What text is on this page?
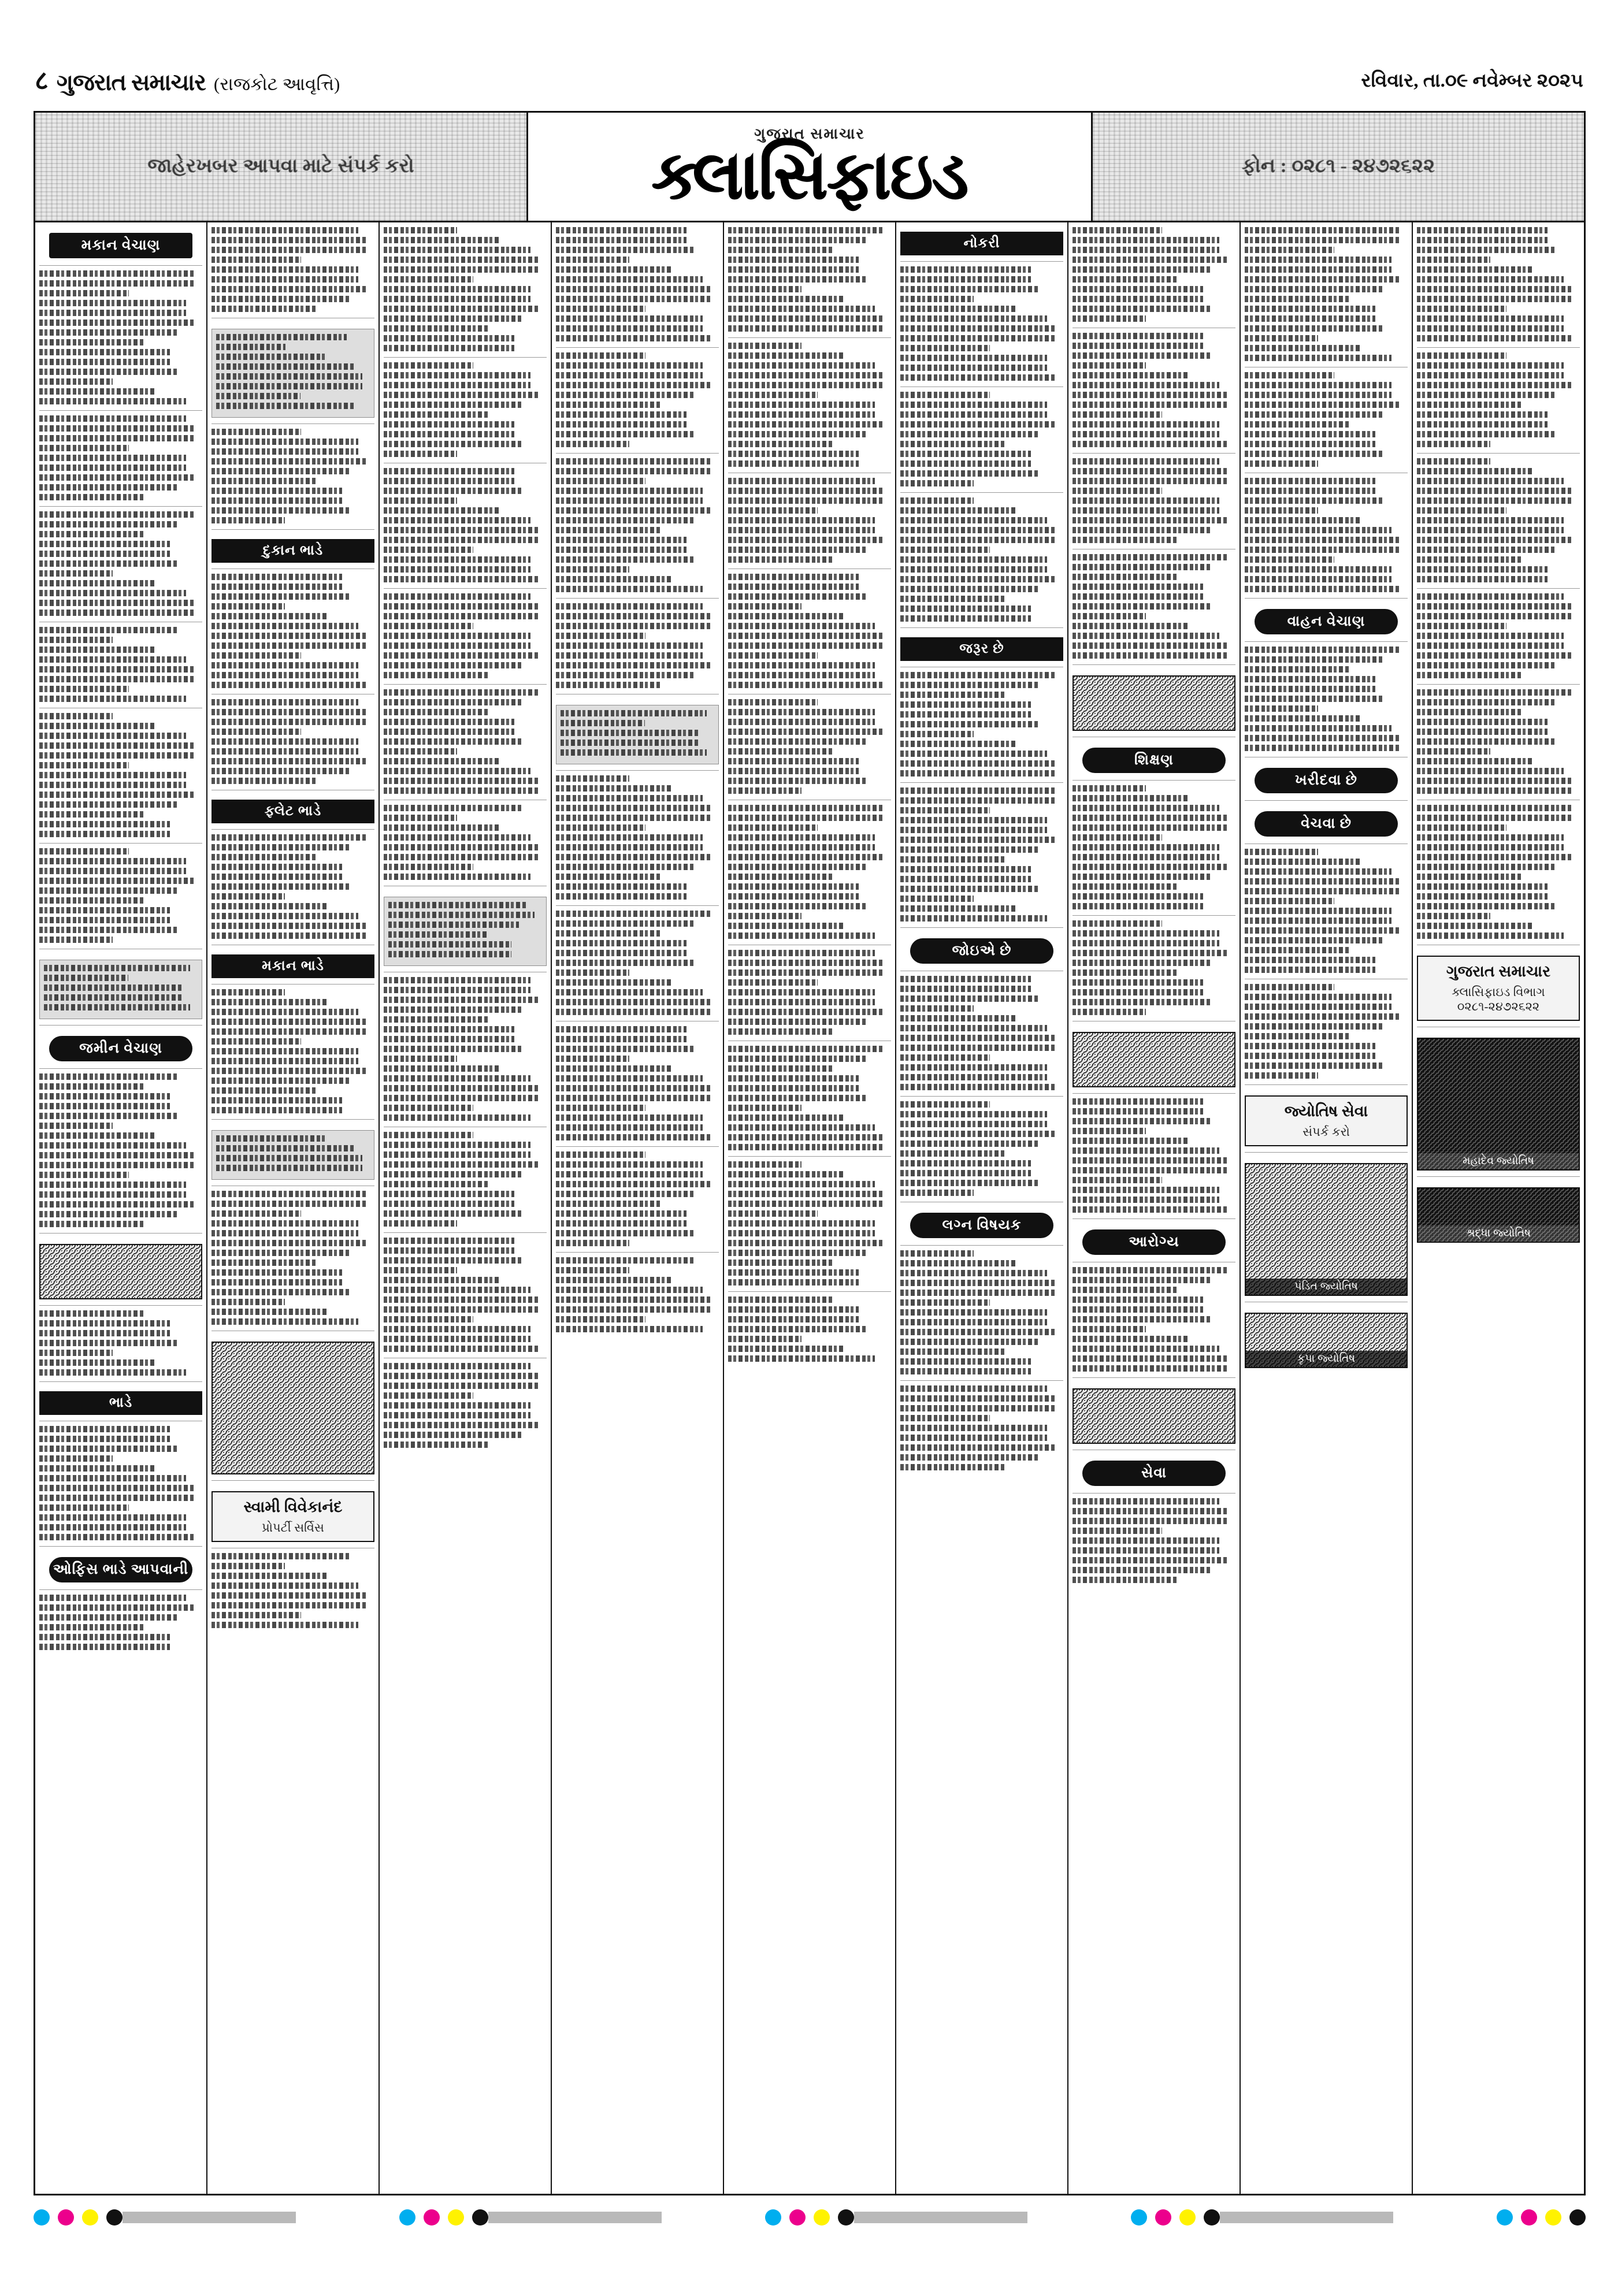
८ ગુજરાત સમાચાર (રાજકોટ આવૃત્તિ)	રવિવાર, તા.૦૯ નવેમ્બર ૨૦૨૫
જાહેરખબર આપવા માટે સંપર્ક કરો
ગુજરાત સમાચાર
ક્લાસિફાઇડ	ફોન : ૦૨૮૧ - ૨૪૭૨૬૨૨
મકાન વેચાણ
જમીન વેચાણ
ભાડે
ઓફિસ ભાડે આપવાની
દુકાન ભાડે
ફ્લેટ ભાડે
મકાન ભાડે
સ્વામી વિવેકાનંદ
પ્રોપર્ટી સર્વિસ
નોકરી
જરૂર છે
જોઇએ છે
લગ્ન વિષયક
શિક્ષણ
આરોગ્ય
સેવા
વાહન વેચાણ
ખરીદવા છે
વેચવા છે
જ્યોતિષ સેવા
સંપર્ક કરો
પંડિત જ્યોતિષ
કૃપા જ્યોતિષ
ગુજરાત સમાચાર
ક્લાસિફાઇડ વિભાગ ૦૨૮૧-૨૪૭૨૬૨૨
મહાદેવ જ્યોતિષ
શ્રદ્ધા જ્યોતિષ
